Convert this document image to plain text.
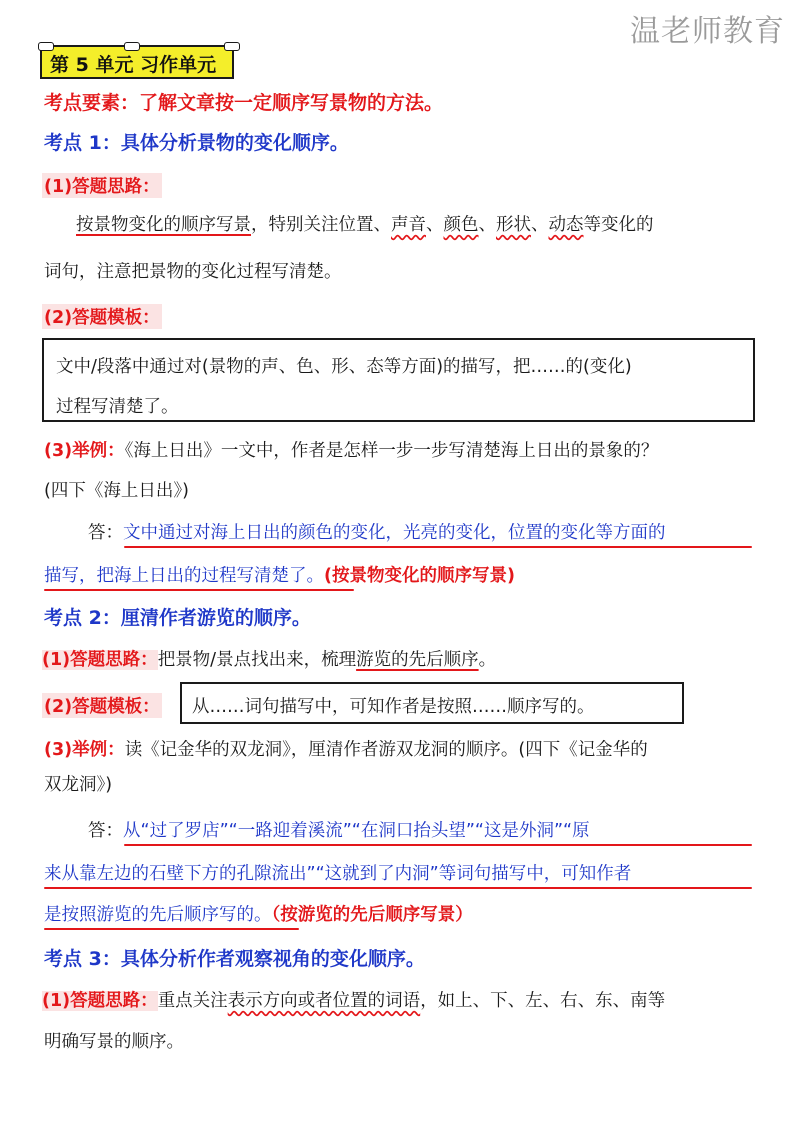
温老师教育
第 5 单元 习作单元
考点要素：了解文章按一定顺序写景物的方法。
考点 1：具体分析景物的变化顺序。
(1)答题思路：
按景物变化的顺序写景，特别关注位置、声音、颜色、形状、动态等变化的
词句，注意把景物的变化过程写清楚。
(2)答题模板：
文中/段落中通过对(景物的声、色、形、态等方面)的描写，把……的(变化)
过程写清楚了。
(3)举例：《海上日出》一文中，作者是怎样一步一步写清楚海上日出的景象的？
(四下《海上日出》)
答：文中通过对海上日出的颜色的变化，光亮的变化，位置的变化等方面的
描写，把海上日出的过程写清楚了。(按景物变化的顺序写景)
考点 2：厘清作者游览的顺序。
(1)答题思路：把景物/景点找出来，梳理游览的先后顺序。
(2)答题模板： 从……词句描写中，可知作者是按照……顺序写的。
(3)举例：读《记金华的双龙洞》，厘清作者游双龙洞的顺序。(四下《记金华的
双龙洞》)
答：从“过了罗店”“一路迎着溪流”“在洞口抬头望”“这是外洞”“原
来从靠左边的石壁下方的孔隙流出”“这就到了内洞”等词句描写中，可知作者
是按照游览的先后顺序写的。（按游览的先后顺序写景）
考点 3：具体分析作者观察视角的变化顺序。
(1)答题思路：重点关注表示方向或者位置的词语，如上、下、左、右、东、南等
明确写景的顺序。
